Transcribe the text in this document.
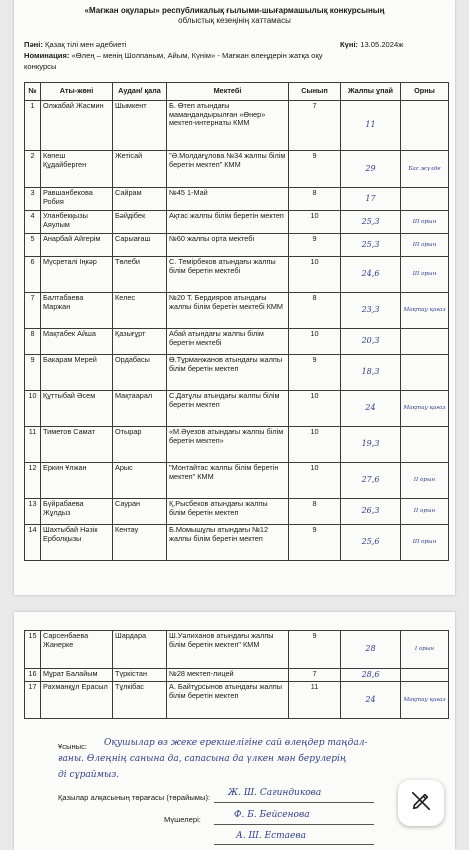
«Мағжан оқулары» республикалық ғылыми-шығармашылық конкурсының
облыстық кезеңінің хаттамасы
Пәні: Қазақ тілі мен әдебиеті	Күні: 13.05.2024ж
Номинация: «Өлең – менің Шолпаным, Айым, Күнім» - Мағжан өлеңдерін жатқа оқу
конкурсы
№	Аты-жөні	Аудан/ қала	Мектебі	Сынып	Жалпы ұпай	Орны
1	Олжабай Жасмин	Шымкент	Б. Өтеп атындағы мамандандырылған «Өнер» мектеп-интернаты КММ	7	11	
2	Көпеш Құдайберген	Жетісай	"Ә.Молдағұлова №34 жалпы білім беретін мектеп" КММ	9	29	Бас жүлде
3	Равшанбекова Робия	Сайрам	№45 1-Май	8	17	
4	Уланбекқызы Аяулым	Бәйдібек	Ақтас жалпы білім беретін мектеп	10	25,3	III орын
5	Анарбай Айгерім	Сарыағаш	№60 жалпы орта мектебі	9	25,3	III орын
6	Мүсреталі Іңкәр	Төлеби	С. Темірбеков атындағы жалпы білім беретін мектебі	10	24,6	III орын
7	Балтабаева Маржан	Келес	№20 Т. Бердияров атындағы жалпы білім беретін мектебі КММ	8	23,3	Мақтау қағаз
8	Мақтабек Айша	Қазығұрт	Абай атындағы жалпы білім беретін мектебі	10	20,3	
9	Бакарам Мерей	Ордабасы	Ө.Тұрманжанов атындағы жалпы білім беретін мектеп	9	18,3	
10	Құттыбай Әсем	Мақтаарал	С.Датұлы атындағы жалпы білім беретін мектеп	10	24	Мақтау қағаз
11	Тиметов Самат	Отырар	«М.Әуезов атындағы жалпы білім беретін мектеп»	10	19,3	
12	Еркин Ұлжан	Арыс	"Монтайтас жалпы білім беретін мектеп" КММ	10	27,6	II орын
13	Бүйрабаева Жұлдыз	Сауран	Қ.Рысбеков атындағы жалпы білім беретін мектеп	8	26,3	II орын
14	Шахтыбай Нәзік Ерболқызы	Кентау	Б.Момышұлы атындағы №12 жалпы білім беретін мектеп	9	25,6	III орын
15	Сарсенбаева Жанерке	Шардара	Ш.Уәлиханов атындағы жалпы білім беретін мектеп" КММ	9	28	I орын
16	Мұрат Балайым	Түркістан	№28 мектеп-лицей	7	28,6	
17	Рахманқұл Ерасыл	Тұлкібас	А. Байтұрсынов атындағы жалпы білім беретін мектеп	11	24	Мақтау қағаз
Ұсыныс: Оқушылар өз жеке ерекшелігіне сай өлеңдер таңдал-
ғаны. Өлеңнің санына да, сапасына да үлкен мән берулерің
ді сұраймыз.
Қазылар алқасының төрағасы (төрайымы): Ж. Ш. Сагиндикова
Мүшелері:	Ф. Б. Бейсенова
А. Ш. Естаева
